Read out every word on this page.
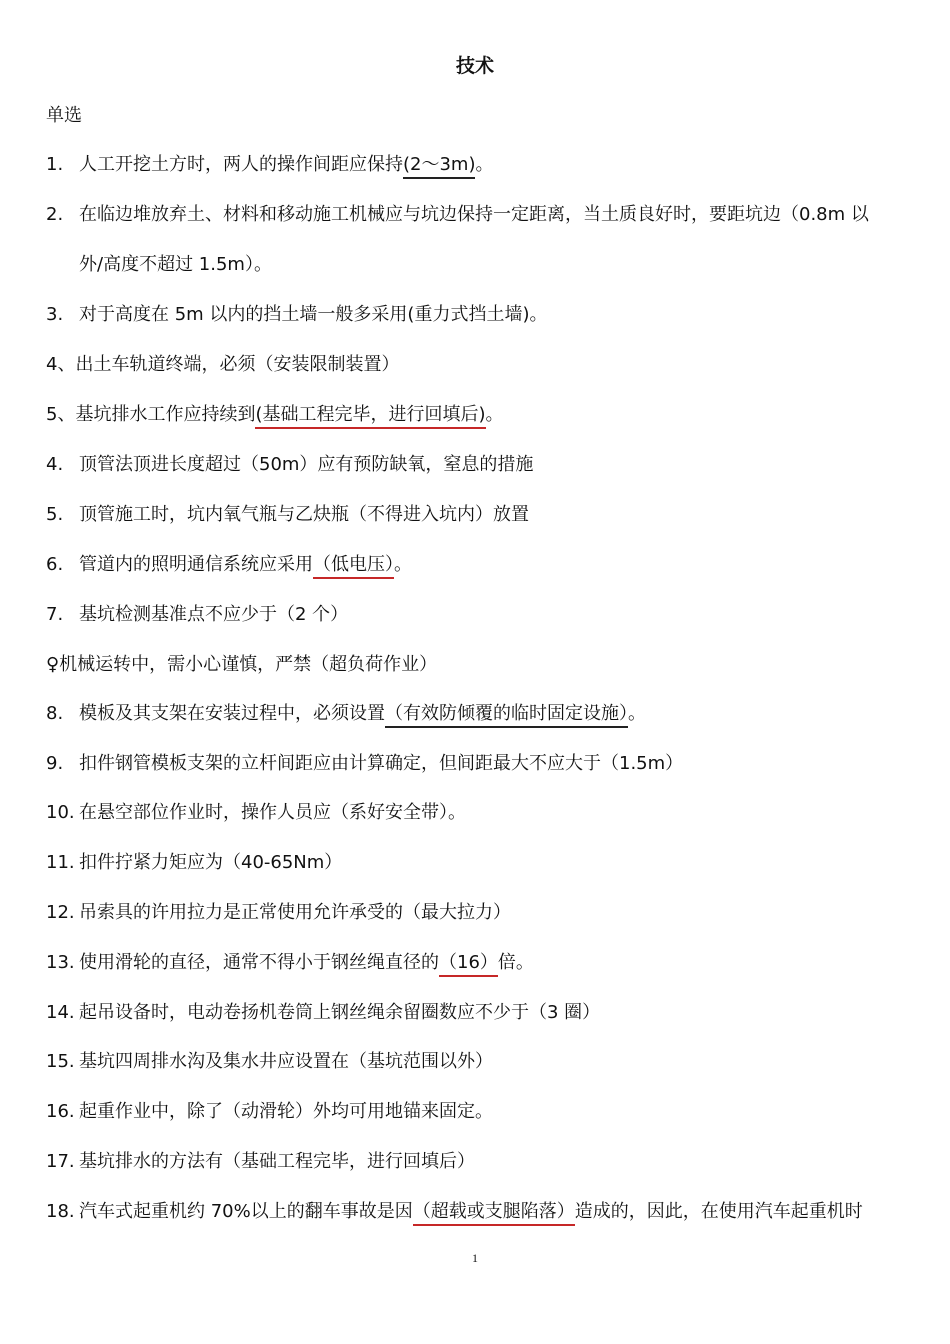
技术
单选
1. 人工开挖土方时，两人的操作间距应保持(2～3m)。
2. 在临边堆放弃土、材料和移动施工机械应与坑边保持一定距离，当土质良好时，要距坑边（0.8m 以
外/高度不超过 1.5m）。
3. 对于高度在 5m 以内的挡土墙一般多采用(重力式挡土墙)。
4、出土车轨道终端，必须（安装限制装置）
5、基坑排水工作应持续到(基础工程完毕，进行回填后)。
4. 顶管法顶进长度超过（50m）应有预防缺氧，窒息的措施
5. 顶管施工时，坑内氧气瓶与乙炔瓶（不得进入坑内）放置
6. 管道内的照明通信系统应采用（低电压）。
7. 基坑检测基准点不应少于（2 个）
♀机械运转中，需小心谨慎，严禁（超负荷作业）
8. 模板及其支架在安装过程中，必须设置（有效防倾覆的临时固定设施）。
9. 扣件钢管模板支架的立杆间距应由计算确定，但间距最大不应大于（1.5m）
10. 在悬空部位作业时，操作人员应（系好安全带）。
11. 扣件拧紧力矩应为（40-65Nm）
12. 吊索具的许用拉力是正常使用允许承受的（最大拉力）
13. 使用滑轮的直径，通常不得小于钢丝绳直径的（16）倍。
14. 起吊设备时，电动卷扬机卷筒上钢丝绳余留圈数应不少于（3 圈）
15. 基坑四周排水沟及集水井应设置在（基坑范围以外）
16. 起重作业中，除了（动滑轮）外均可用地锚来固定。
17. 基坑排水的方法有（基础工程完毕，进行回填后）
18. 汽车式起重机约 70%以上的翻车事故是因（超载或支腿陷落）造成的，因此，在使用汽车起重机时
1
